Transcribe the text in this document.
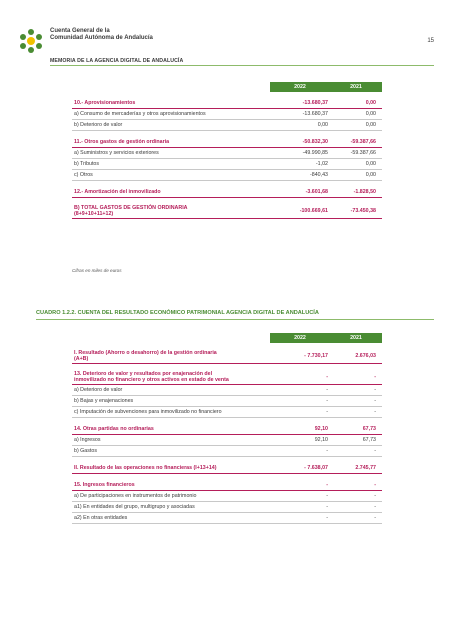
Cuenta General de la
Comunidad Autónoma de Andalucía
MEMORIA DE LA AGENCIA DIGITAL DE ANDALUCÍA
15
	2022	2021

10.- Aprovisionamientos	-13.680,37	0,00
a) Consumo de mercaderías y otros aprovisionamientos	-13.680,37	0,00
b) Deterioro de valor	0,00	0,00

11.- Otros gastos de gestión ordinaria	-50.832,30	-59.387,66
a) Suministros y servicios exteriores	-49.990,85	-59.387,66
b) Tributos	-1,02	0,00
c) Otros	-840,43	0,00

12.- Amortización del inmovilizado	-3.601,68	-1.828,50

B) TOTAL GASTOS DE GESTIÓN ORDINARIA
(8+9+10+11+12)	-100.669,61	-73.450,38
Cifras en miles de euros
CUADRO 1.2.2. CUENTA DEL RESULTADO ECONÓMICO PATRIMONIAL AGENCIA DIGITAL DE ANDALUCÍA
	2022	2021

I. Resultado (Ahorro o desahorro) de la gestión ordinaria
(A+B)	- 7.730,17	2.676,03

13. Deterioro de valor y resultados por enajenación del
inmovilizado no financiero y otros activos en estado de venta	-	-
a) Deterioro de valor	-	-
b) Bajas y enajenaciones	-	-
c) Imputación de subvenciones para inmovilizado no financiero	-	-

14. Otras partidas no ordinarias	92,10	67,73
a) Ingresos	92,10	67,73
b) Gastos	-	-

II. Resultado de las operaciones no financieras (I+13+14)	- 7.638,07	2.745,77

15. Ingresos financieros	-	-
a) De participaciones en instrumentos de patrimonio	-	-
a1) En entidades del grupo, multigrupo y asociadas	-	-
a2) En otras entidades	-	-
